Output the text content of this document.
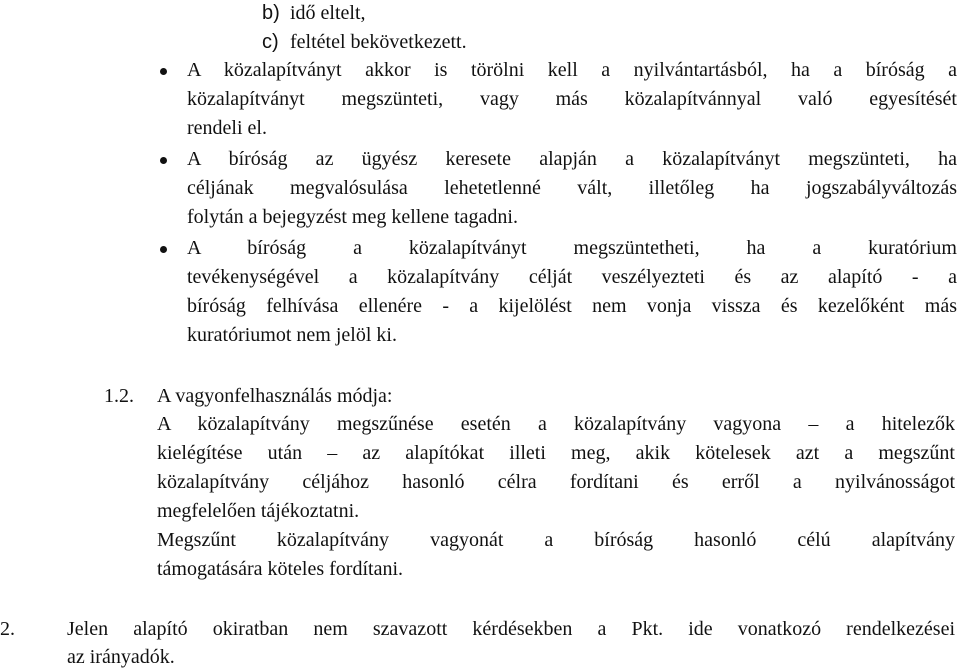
b) idő eltelt,
c) feltétel bekövetkezett.
A közalapítványt akkor is törölni kell a nyilvántartásból, ha a bíróság a
közalapítványt megszünteti, vagy más közalapítvánnyal való egyesítését
rendeli el.
A bíróság az ügyész keresete alapján a közalapítványt megszünteti, ha
céljának megvalósulása lehetetlenné vált, illetőleg ha jogszabályváltozás
folytán a bejegyzést meg kellene tagadni.
A bíróság a közalapítványt megszüntetheti, ha a kuratórium
tevékenységével a közalapítvány célját veszélyezteti és az alapító - a
bíróság felhívása ellenére - a kijelölést nem vonja vissza és kezelőként más
kuratóriumot nem jelöl ki.
1.2. A vagyonfelhasználás módja:
A közalapítvány megszűnése esetén a közalapítvány vagyona – a hitelezők
kielégítése után – az alapítókat illeti meg, akik kötelesek azt a megszűnt
közalapítvány céljához hasonló célra fordítani és erről a nyilvánosságot
megfelelően tájékoztatni.
Megszűnt közalapítvány vagyonát a bíróság hasonló célú alapítvány
támogatására köteles fordítani.
2.	Jelen alapító okiratban nem szavazott kérdésekben a Pkt. ide vonatkozó rendelkezései
az irányadók.
